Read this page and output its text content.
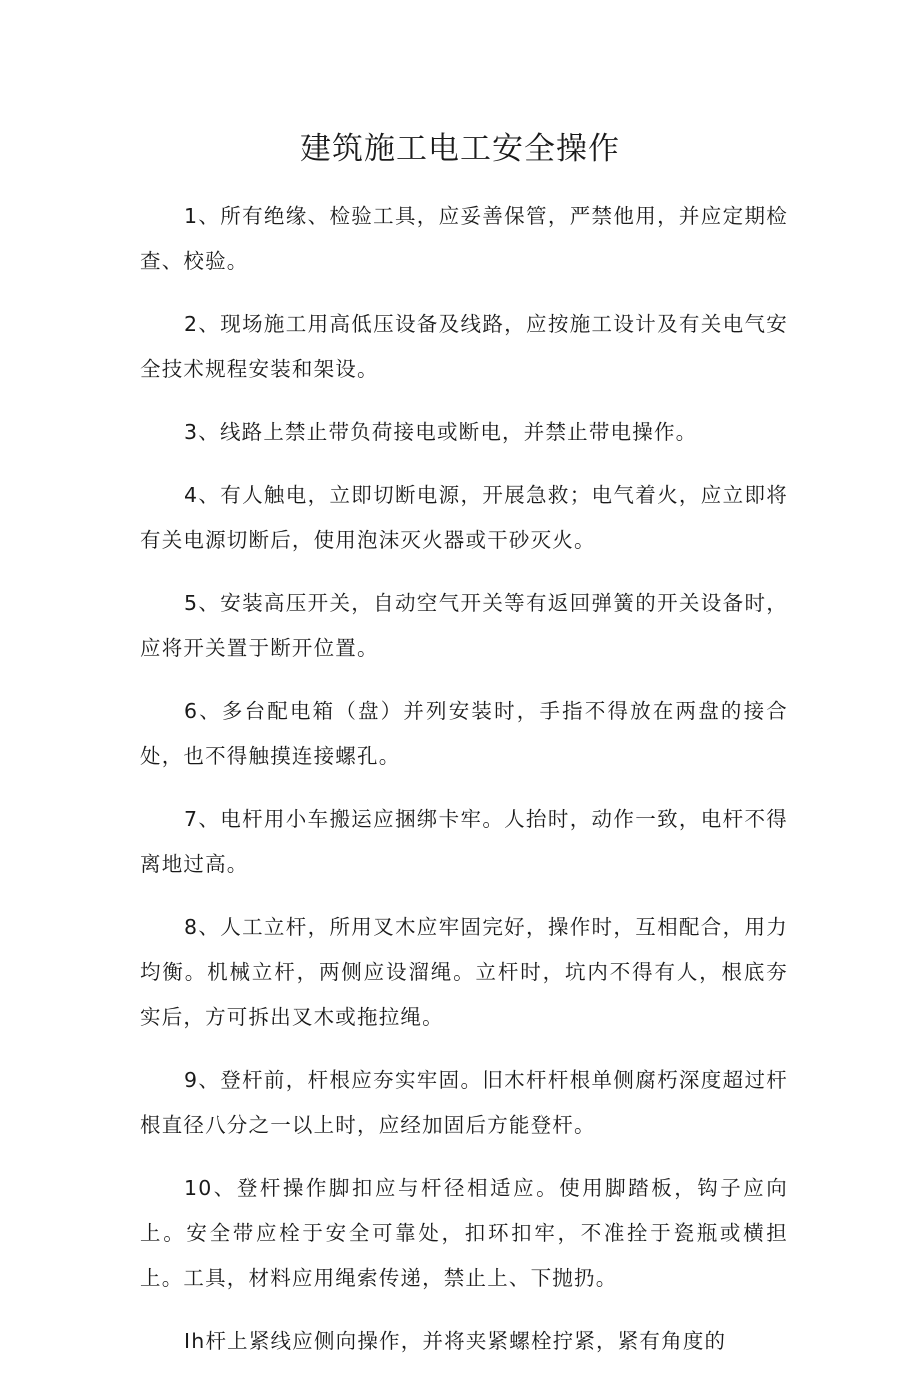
建筑施工电工安全操作

1、所有绝缘、检验工具，应妥善保管，严禁他用，并应定期检查、校验。

2、现场施工用高低压设备及线路，应按施工设计及有关电气安全技术规程安装和架设。

3、线路上禁止带负荷接电或断电，并禁止带电操作。

4、有人触电，立即切断电源，开展急救；电气着火，应立即将有关电源切断后，使用泡沫灭火器或干砂灭火。

5、安装高压开关，自动空气开关等有返回弹簧的开关设备时，应将开关置于断开位置。

6、多台配电箱（盘）并列安装时，手指不得放在两盘的接合处，也不得触摸连接螺孔。

7、电杆用小车搬运应捆绑卡牢。人抬时，动作一致，电杆不得离地过高。

8、人工立杆，所用叉木应牢固完好，操作时，互相配合，用力均衡。机械立杆，两侧应设溜绳。立杆时，坑内不得有人，根底夯实后，方可拆出叉木或拖拉绳。

9、登杆前，杆根应夯实牢固。旧木杆杆根单侧腐朽深度超过杆根直径八分之一以上时，应经加固后方能登杆。

10、登杆操作脚扣应与杆径相适应。使用脚踏板，钩子应向上。安全带应栓于安全可靠处，扣环扣牢，不准拴于瓷瓶或横担上。工具，材料应用绳索传递，禁止上、下抛扔。

Ih杆上紧线应侧向操作，并将夹紧螺栓拧紧，紧有角度的
